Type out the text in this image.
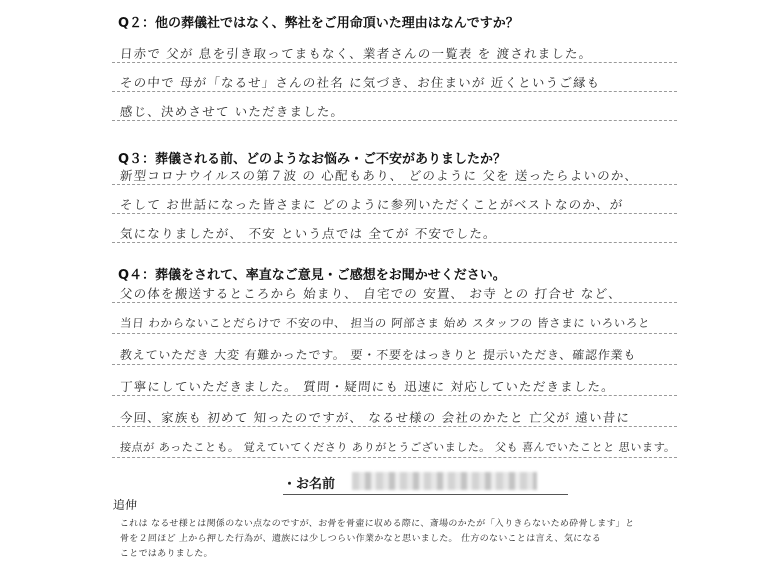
Q２：他の葬儀社ではなく、弊社をご用命頂いた理由はなんですか？
日赤で 父が 息を引き取ってまもなく、業者さんの一覧表 を 渡されました。
その中で 母が「なるせ」さんの社名 に気づき、お住まいが 近くというご縁も
感じ、決めさせて いただきました。
Q３：葬儀される前、どのようなお悩み・ご不安がありましたか？
新型コロナウイルスの第７波 の 心配もあり、 どのように 父を 送ったらよいのか、
そして お世話になった皆さまに どのように参列いただくことがベストなのか、が
気になりましたが、 不安 という点では 全てが 不安でした。
Q４：葬儀をされて、率直なご意見・ご感想をお聞かせください。
父の体を搬送するところから 始まり、 自宅での 安置、 お寺 との 打合せ など、
当日 わからないことだらけで 不安の中、 担当の 阿部さま 始め スタッフの 皆さまに いろいろと
教えていただき 大変 有難かったです。 要・不要をはっきりと 提示いただき、確認作業も
丁寧にしていただきました。 質問・疑問にも 迅速に 対応していただきました。
今回、家族も 初めて 知ったのですが、 なるせ様の 会社のかたと 亡父が 遠い昔に
接点が あったことも。 覚えていてくださり ありがとうございました。 父も 喜んでいたことと 思います。
・お名前
追伸
これは なるせ様とは関係のない点なのですが、お骨を骨壷に収める際に、斎場のかたが「入りきらないため砕骨します」と
骨を２回ほど 上から押した行為が、遺族には少しつらい作業かなと思いました。 仕方のないことは言え、気になる
ことではありました。
